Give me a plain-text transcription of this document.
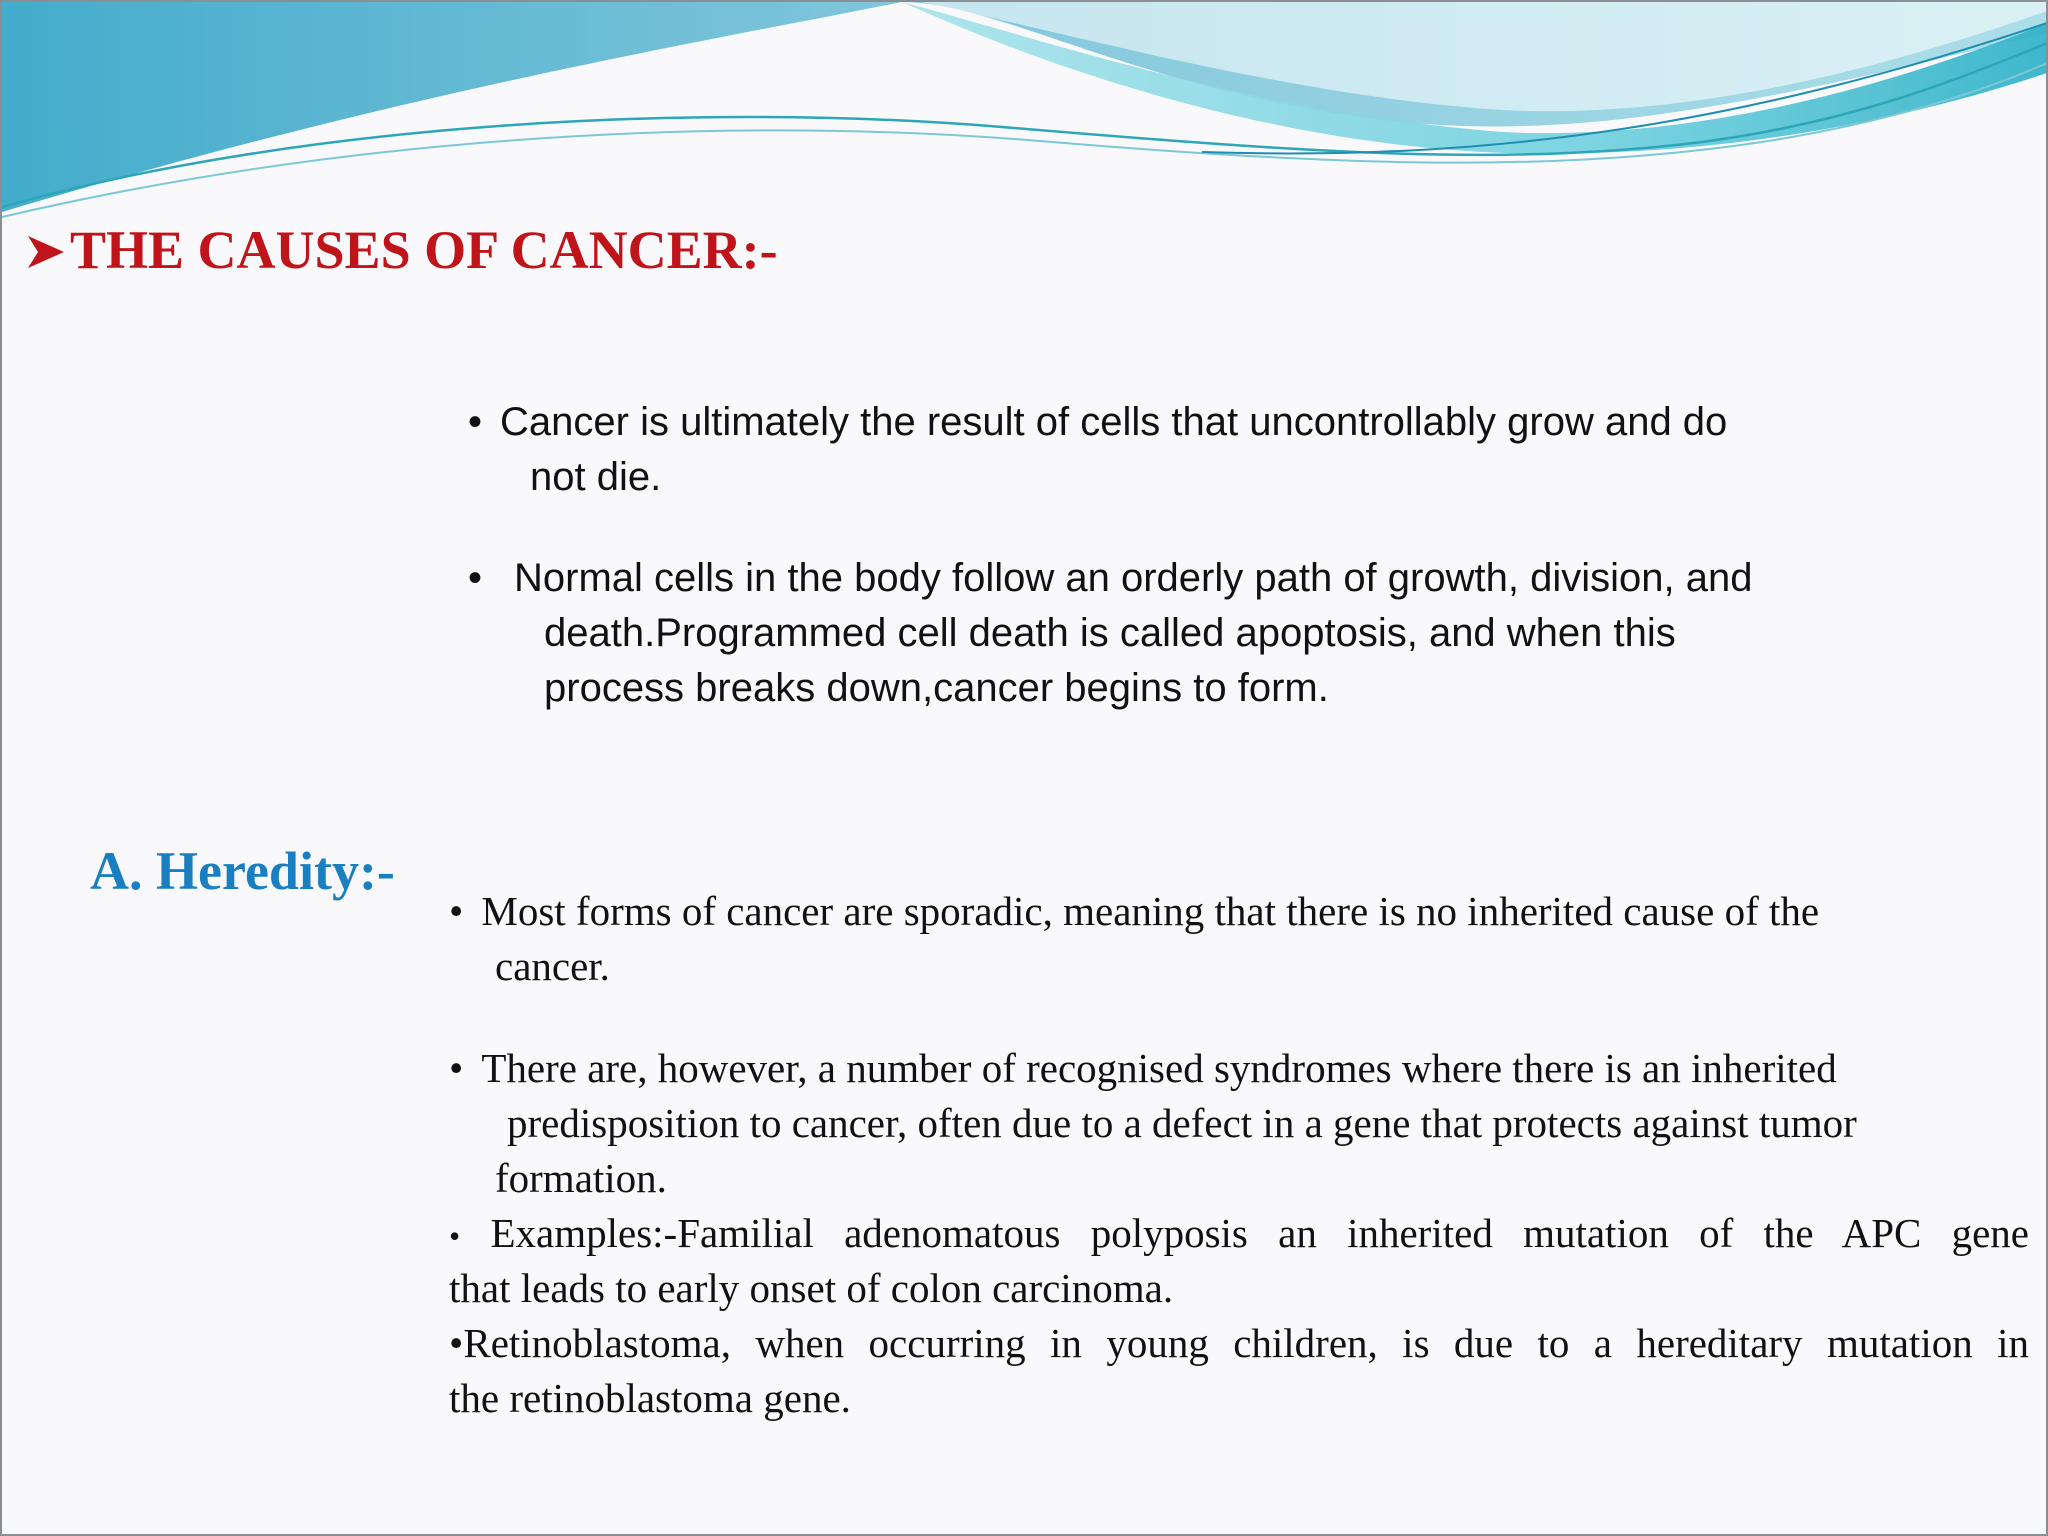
THE CAUSES OF CANCER:-
• Cancer is ultimately the result of cells that uncontrollably grow and do
not die.
• Normal cells in the body follow an orderly path of growth, division, and
death.Programmed cell death is called apoptosis, and when this
process breaks down,cancer begins to form.
A. Heredity:-
• Most forms of cancer are sporadic, meaning that there is no inherited cause of the
cancer.
• There are, however, a number of recognised syndromes where there is an inherited
predisposition to cancer, often due to a defect in a gene that protects against tumor
formation.
• Examples:-Familial adenomatous polyposis an inherited mutation of the APC gene
that leads to early onset of colon carcinoma.
•Retinoblastoma, when occurring in young children, is due to a hereditary mutation in
the retinoblastoma gene.
